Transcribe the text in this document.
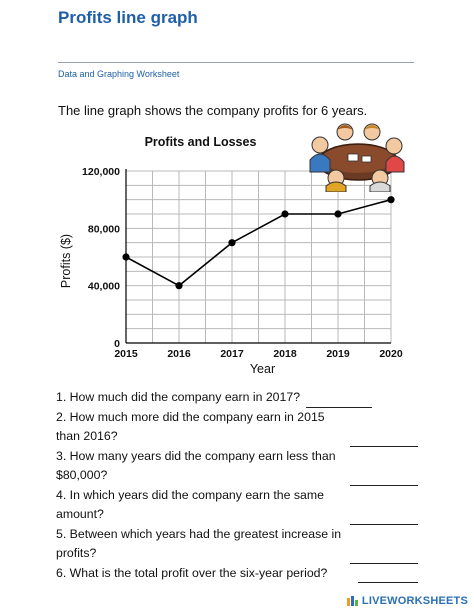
Profits line graph
Data and Graphing Worksheet
The line graph shows the company profits for 6 years.
Profits and Losses
0
40,000
80,000
120,000
2015	2016	2017	2018	2019	2020
Year
Profits ($)
1. How much did the company earn in 2017?
2. How much more did the company earn in 2015
than 2016?
3. How many years did the company earn less than
$80,000?
4. In which years did the company earn the same
amount?
5. Between which years had the greatest increase in
profits?
6. What is the total profit over the six-year period?
LIVEWORKSHEETS
